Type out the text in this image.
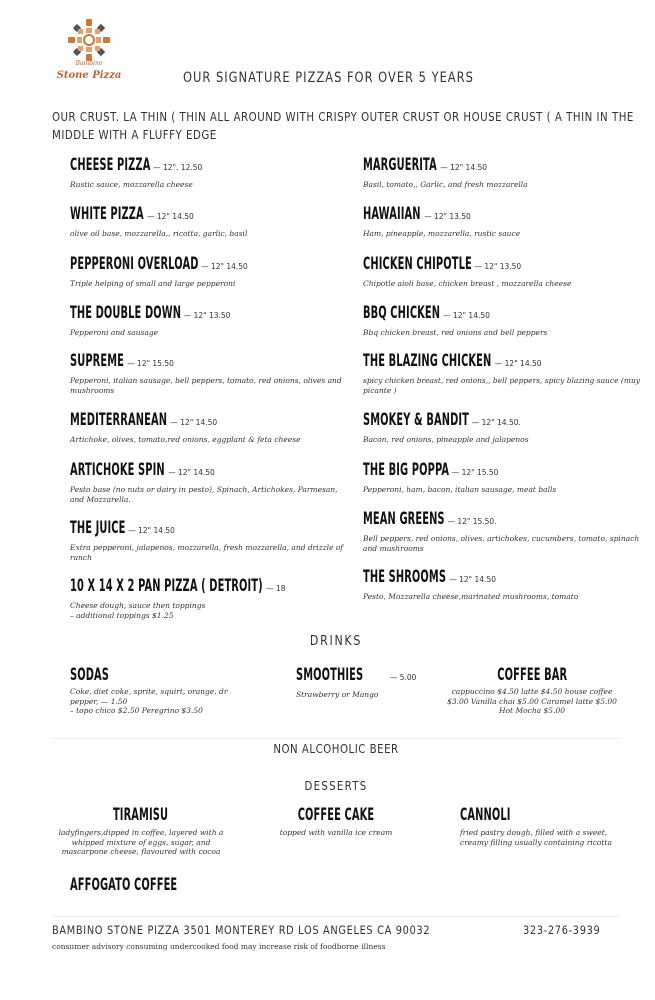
Bambino
Stone Pizza	OUR SIGNATURE PIZZAS FOR OVER 5 YEARS
OUR CRUST. LA THIN ( THIN ALL AROUND WITH CRISPY OUTER CRUST OR HOUSE CRUST ( A THIN IN THE
MIDDLE WITH A FLUFFY EDGE
CHEESE PIZZA — 12". 12.50
Rustic sauce, mozzarella cheese
WHITE PIZZA — 12" 14.50
olive oil base, mozzarella,, ricotta, garlic, basil
PEPPERONI OVERLOAD — 12" 14.50
Triple helping of small and large pepperoni
THE DOUBLE DOWN — 12" 13.50
Pepperoni and sausage
SUPREME — 12" 15.50
Pepperoni, italian sausage, bell peppers, tomato, red onions, olives and mushrooms
MEDITERRANEAN — 12" 14.50
Artichoke, olives, tomato,red onions, eggplant & feta cheese
ARTICHOKE SPIN — 12" 14.50
Pesto base (no nuts or dairy in pesto), Spinach, Artichokes, Parmesan, and Mozzarella.
THE JUICE — 12" 14.50
Extra pepperoni, jalapenos, mozzarella, fresh mozzarella, and drizzle of ranch
10 X 14 X 2 PAN PIZZA ( DETROIT) — 18
Cheese dough, sauce then toppings
– additional toppings $1.25
MARGUERITA — 12" 14.50
Basil, tomato,, Garlic, and fresh mozzarella
HAWAIIAN — 12" 13.50
Ham, pineapple, mozzarella, rustic sauce
CHICKEN CHIPOTLE — 12" 13.50
Chipotle aioli base, chicken breast , mozzarella cheese
BBQ CHICKEN — 12" 14.50
Bbq chicken breast, red onions and bell peppers
THE BLAZING CHICKEN — 12" 14.50
spicy chicken breast, red onions,, bell peppers, spicy blazing sauce (muy picante )
SMOKEY & BANDIT — 12" 14.50.
Bacon, red onions, pineapple and jalapenos
THE BIG POPPA — 12" 15.50
Pepperoni, ham, bacon, italian sausage, meat balls
MEAN GREENS — 12" 15.50.
Bell peppers, red onions, olives, artichokes, cucumbers, tomato, spinach and mushrooms
THE SHROOMS — 12" 14.50
Pesto, Mozzarella cheese,marinated mushrooms, tomato
DRINKS
SODAS
Coke, diet coke, sprite, squirt, orange, dr pepper, — 1.50
– topo chico $2.50 Peregrino $3.50
SMOOTHIES	— 5.00
Strawberry or Mango
COFFEE BAR
cappuccino $4.50 latte $4.50 house coffee
$3.00 Vanilla chai $5.00 Caramel latte $5.00
Hot Mocha $5.00
NON ALCOHOLIC BEER
DESSERTS
TIRAMISU
ladyfingers,dipped in coffee, layered with a
whipped mixture of eggs, sugar, and
mascarpone cheese, flavoured with cocoa
COFFEE CAKE
topped with vanilla ice cream
CANNOLI
fried pastry dough, filled with a sweet,
creamy filling usually containing ricotta
AFFOGATO COFFEE
BAMBINO STONE PIZZA 3501 MONTEREY RD LOS ANGELES CA 90032	323-276-3939
consumer advisory consuming undercooked food may increase risk of foodborne illness
